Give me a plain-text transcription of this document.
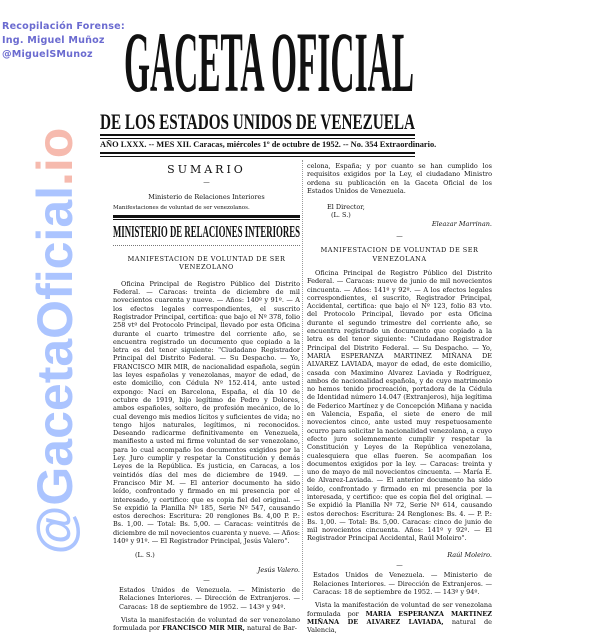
Recopilación Forense:
Ing. Miguel Muñoz
@MiguelSMunoz GACETA OFICIAL
DE LOS ESTADOS UNIDOS DE VENEZUELA
AÑO LXXX. -- MES XII. Caracas, miércoles 1º de octubre de 1952. -- No. 354 Extraordinario.
SUMARIO
—
Ministerio de Relaciones Interiores
Manifestaciones de voluntad de ser venezolanos.
MINISTERIO DE RELACIONES INTERIORES
MANIFESTACION DE VOLUNTAD DE SER VENEZOLANO

Oficina Principal de Registro Público del Distrito Federal. — Caracas: treinta de diciembre de mil novecientos cuarenta y nueve. — Años: 140º y 91º. — A los efectos legales correspondientes, el suscrito Registrador Principal, certifica: que bajo el Nº 378, folio 258 vtº del Protocolo Principal, llevado por esta Oficina durante el cuarto trimestre del corriente año, se encuentra registrado un documento que copiado a la letra es del tenor siguiente: "Ciudadano Registrador Principal del Distrito Federal. — Su Despacho. — Yo, FRANCISCO MIR MIR, de nacionalidad española, según las leyes españolas y venezolanas, mayor de edad, de este domicilio, con Cédula Nº 152.414, ante usted expongo: Nací en Barcelona, España, el día 10 de octubre de 1919, hijo legítimo de Pedro y Dolores, ambos españoles, soltero, de profesión mecánico, de lo cual devengo mis medios lícitos y suficientes de vida; no tengo hijos naturales, legítimos, ni reconocidos. Deseando radicarme definitivamente en Venezuela, manifiesto a usted mi firme voluntad de ser venezolano, para lo cual acompaño los documentos exigidos por la Ley. Juro cumplir y respetar la Constitución y demás Leyes de la República. Es justicia, en Caracas, a los veintidós días del mes de diciembre de 1949. — Francisco Mir M. — El anterior documento ha sido leído, confrontado y firmado en mi presencia por el interesado, y certifico: que es copia fiel del original. — Se expidió la Planilla Nº 185, Serie Nº 547, causando estos derechos: Escritura: 20 renglones Bs. 4,00 P. P.: Bs. 1,00. — Total: Bs. 5,00. — Caracas: veintitrés de diciembre de mil novecientos cuarenta y nueve. — Años: 140º y 91º. — El Registrador Principal, Jesús Valero".

(L. S.)
Jesús Valero.
—

Estados Unidos de Venezuela. — Ministerio de Relaciones Interiores. — Dirección de Extranjeros. — Caracas: 18 de septiembre de 1952. — 143º y 94º.

Vista la manifestación de voluntad de ser venezolano formulada por FRANCISCO MIR MIR, natural de Bar-

celona, España; y por cuanto se han cumplido los requisitos exigidos por la Ley, el ciudadano Ministro ordena su publicación en la Gaceta Oficial de los Estados Unidos de Venezuela.

El Director,
(L. S.)
Eleazar Marrinan.
—
MANIFESTACION DE VOLUNTAD DE SER VENEZOLANA

Oficina Principal de Registro Público del Distrito Federal. — Caracas: nueve de junio de mil novecientos cincuenta. — Años: 141º y 92º. — A los efectos legales correspondientes, el suscrito, Registrador Principal, Accidental, certifica: que bajo el Nº 123, folio 83 vto. del Protocolo Principal, llevado por esta Oficina durante el segundo trimestre del corriente año, se encuentra registrado un documento que copiado a la letra es del tenor siguiente: "Ciudadano Registrador Principal del Distrito Federal. — Su Despacho. — Yo, MARIA ESPERANZA MARTINEZ MIÑANA DE ALVAREZ LAVIADA, mayor de edad, de este domicilio, casada con Maximino Alvarez Laviada y Rodríguez, ambos de nacionalidad española, y de cuyo matrimonio no hemos tenido procreación, portadora de la Cédula de Identidad número 14.047 (Extranjeros), hija legítima de Federico Martínez y de Concepción Miñana y nacida en Valencia, España, el siete de enero de mil novecientos cinco, ante usted muy respetuosamente ocurro para solicitar la nacionalidad venezolana, a cuyo efecto juro solemnemente cumplir y respetar la Constitución y Leyes de la República venezolana, cualesquiera que ellas fueren. Se acompañan los documentos exigidos por la ley. — Caracas: treinta y uno de mayo de mil novecientos cincuenta. — María E. de Alvarez-Laviada. — El anterior documento ha sido leído, confrontado y firmado en mi presencia por la interesada, y certifico: que es copia fiel del original. — Se expidió la Planilla Nº 72, Serie Nº 614, causando estos derechos: Escritura: 24 Renglones: Bs. 4. — P. P.: Bs. 1,00. — Total: Bs. 5,00. Caracas: cinco de junio de mil novecientos cincuenta. Años: 141º y 92º. — El Registrador Principal Accidental, Raúl Moleiro".

Raúl Moleiro.
—

Estados Unidos de Venezuela. — Ministerio de Relaciones Interiores. — Dirección de Extranjeros. — Caracas: 18 de septiembre de 1952. — 143º y 94º.

Vista la manifestación de voluntad de ser venezolana formulada por MARIA ESPERANZA MARTINEZ MIÑANA DE ALVAREZ LAVIADA, natural de Valencia,

@GacetaOficial.io
